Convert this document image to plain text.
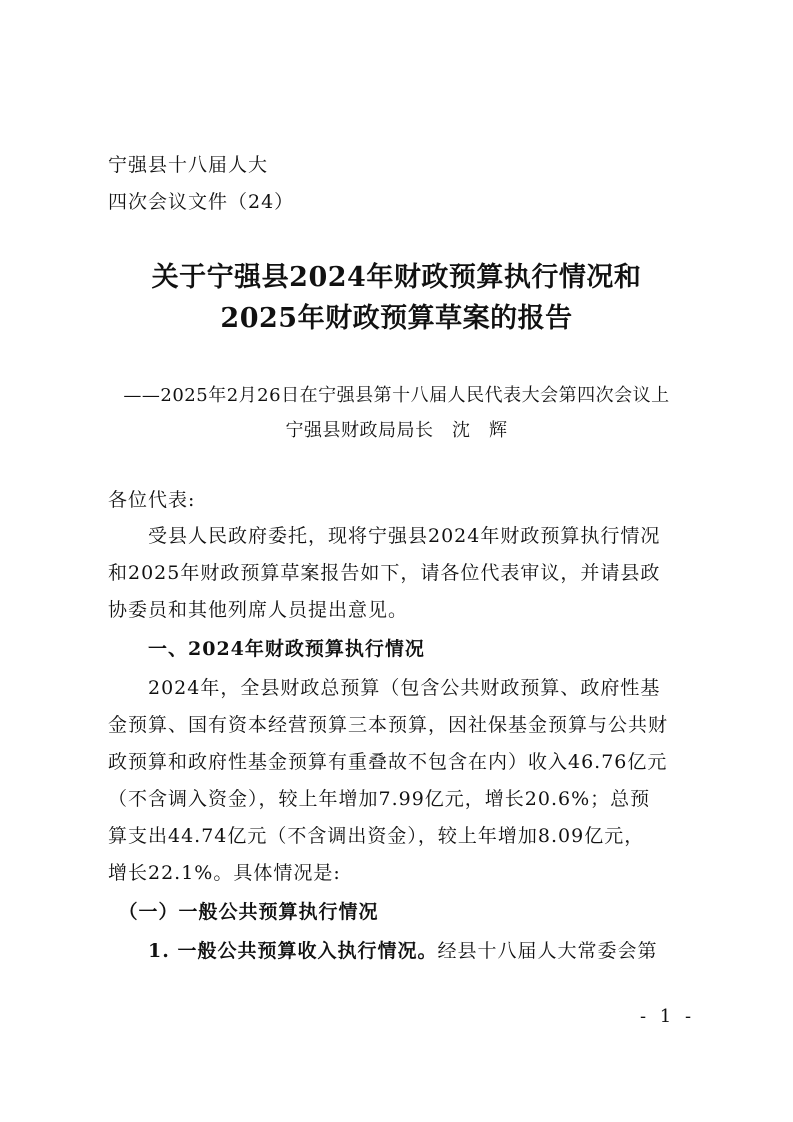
宁强县十八届人大
四次会议文件（24）
关于宁强县2024年财政预算执行情况和
2025年财政预算草案的报告
——2025年2月26日在宁强县第十八届人民代表大会第四次会议上
宁强县财政局局长　沈　辉
各位代表:
　　受县人民政府委托，现将宁强县2024年财政预算执行情况
和2025年财政预算草案报告如下，请各位代表审议，并请县政
协委员和其他列席人员提出意见。
　　一、2024年财政预算执行情况
　　2024年，全县财政总预算（包含公共财政预算、政府性基
金预算、国有资本经营预算三本预算，因社保基金预算与公共财
政预算和政府性基金预算有重叠故不包含在内）收入46.76亿元
（不含调入资金），较上年增加7.99亿元，增长20.6%；总预
算支出44.74亿元（不含调出资金），较上年增加8.09亿元，
增长22.1%。具体情况是:
　（一）一般公共预算执行情况
　　1. 一般公共预算收入执行情况。经县十八届人大常委会第
- 1 -
